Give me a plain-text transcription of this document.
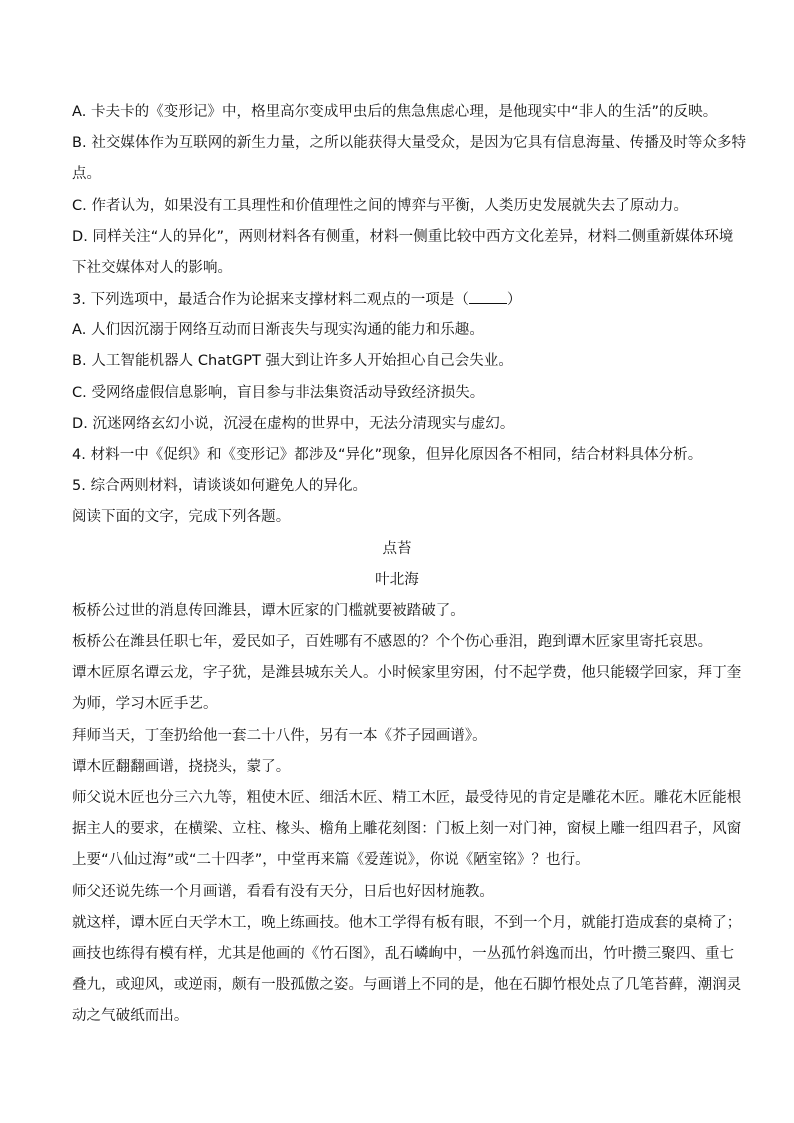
A. 卡夫卡的《变形记》中，格里高尔变成甲虫后的焦急焦虑心理，是他现实中“非人的生活”的反映。
B. 社交媒体作为互联网的新生力量，之所以能获得大量受众，是因为它具有信息海量、传播及时等众多特
点。
C. 作者认为，如果没有工具理性和价值理性之间的博弈与平衡，人类历史发展就失去了原动力。
D. 同样关注“人的异化”，两则材料各有侧重，材料一侧重比较中西方文化差异，材料二侧重新媒体环境
下社交媒体对人的影响。
3. 下列选项中，最适合作为论据来支撑材料二观点的一项是（	）
A. 人们因沉溺于网络互动而日渐丧失与现实沟通的能力和乐趣。
B. 人工智能机器人 ChatGPT 强大到让许多人开始担心自己会失业。
C. 受网络虚假信息影响，盲目参与非法集资活动导致经济损失。
D. 沉迷网络玄幻小说，沉浸在虚构的世界中，无法分清现实与虚幻。
4. 材料一中《促织》和《变形记》都涉及“异化”现象，但异化原因各不相同，结合材料具体分析。
5. 综合两则材料，请谈谈如何避免人的异化。
阅读下面的文字，完成下列各题。
点苔
叶北海
板桥公过世的消息传回潍县，谭木匠家的门槛就要被踏破了。
板桥公在潍县任职七年，爱民如子，百姓哪有不感恩的？个个伤心垂泪，跑到谭木匠家里寄托哀思。
谭木匠原名谭云龙，字子犹，是潍县城东关人。小时候家里穷困，付不起学费，他只能辍学回家，拜丁奎
为师，学习木匠手艺。
拜师当天，丁奎扔给他一套二十八件，另有一本《芥子园画谱》。
谭木匠翻翻画谱，挠挠头，蒙了。
师父说木匠也分三六九等，粗使木匠、细活木匠、精工木匠，最受待见的肯定是雕花木匠。雕花木匠能根
据主人的要求，在横梁、立柱、椽头、檐角上雕花刻图：门板上刻一对门神，窗棂上雕一组四君子，风窗
上要“八仙过海”或“二十四孝”，中堂再来篇《爱莲说》，你说《陋室铭》？也行。
师父还说先练一个月画谱，看看有没有天分，日后也好因材施教。
就这样，谭木匠白天学木工，晚上练画技。他木工学得有板有眼，不到一个月，就能打造成套的桌椅了；
画技也练得有模有样，尤其是他画的《竹石图》，乱石嶙峋中，一丛孤竹斜逸而出，竹叶攒三聚四、重七
叠九，或迎风，或逆雨，颇有一股孤傲之姿。与画谱上不同的是，他在石脚竹根处点了几笔苔藓，潮润灵
动之气破纸而出。
